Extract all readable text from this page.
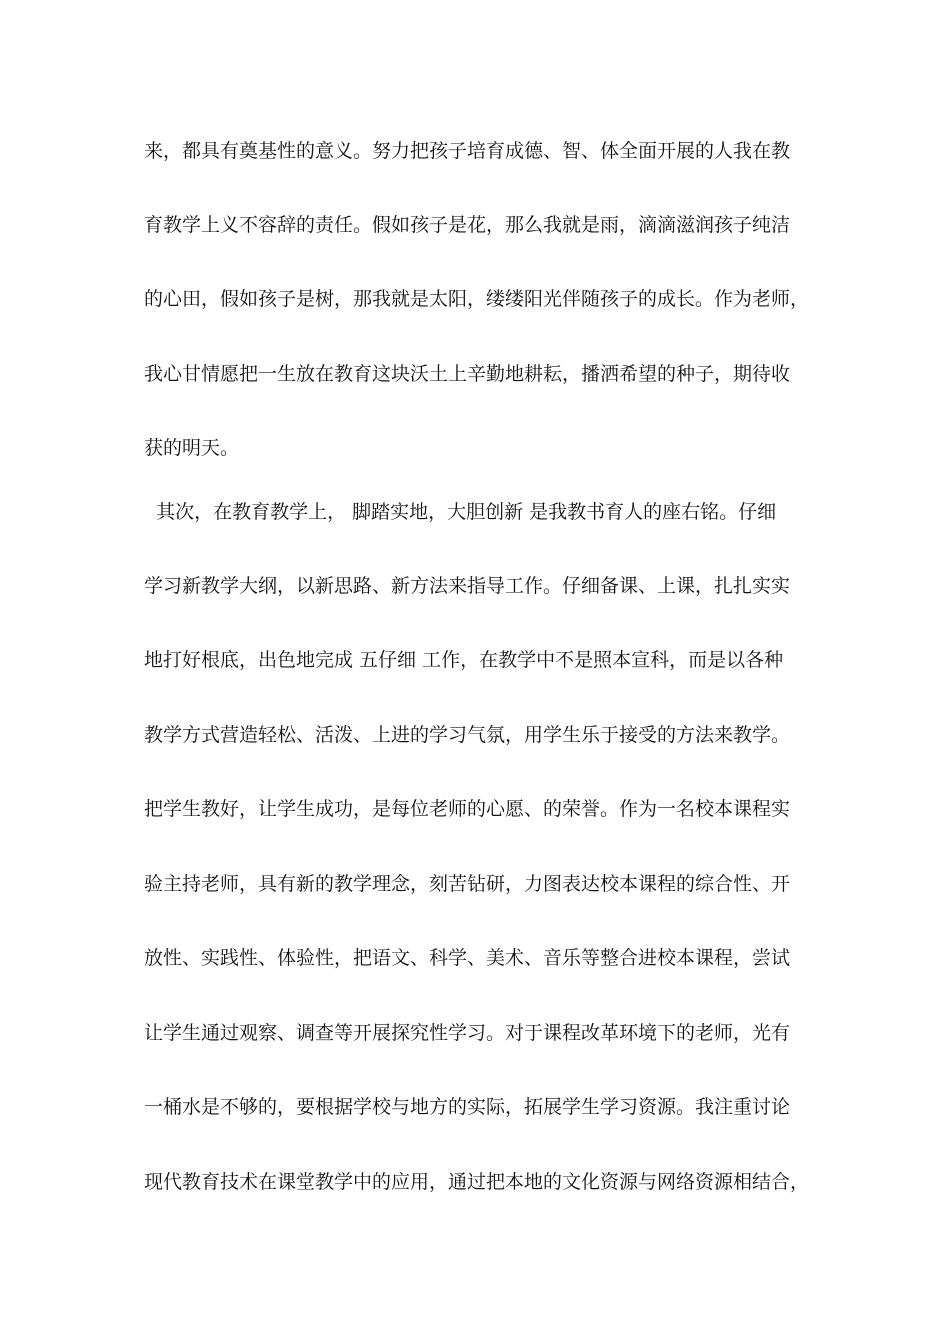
来，都具有奠基性的意义。努力把孩子培育成德、智、体全面开展的人我在教
育教学上义不容辞的责任。假如孩子是花，那么我就是雨，滴滴滋润孩子纯洁
的心田，假如孩子是树，那我就是太阳，缕缕阳光伴随孩子的成长。作为老师，
我心甘情愿把一生放在教育这块沃土上辛勤地耕耘，播洒希望的种子，期待收
获的明天。
其次，在教育教学上， 脚踏实地，大胆创新 是我教书育人的座右铭。仔细
学习新教学大纲，以新思路、新方法来指导工作。仔细备课、上课，扎扎实实
地打好根底，出色地完成 五仔细 工作，在教学中不是照本宣科，而是以各种
教学方式营造轻松、活泼、上进的学习气氛，用学生乐于接受的方法来教学。
把学生教好，让学生成功，是每位老师的心愿、的荣誉。作为一名校本课程实
验主持老师，具有新的教学理念，刻苦钻研，力图表达校本课程的综合性、开
放性、实践性、体验性，把语文、科学、美术、音乐等整合进校本课程，尝试
让学生通过观察、调查等开展探究性学习。对于课程改革环境下的老师，光有
一桶水是不够的，要根据学校与地方的实际，拓展学生学习资源。我注重讨论
现代教育技术在课堂教学中的应用，通过把本地的文化资源与网络资源相结合，
